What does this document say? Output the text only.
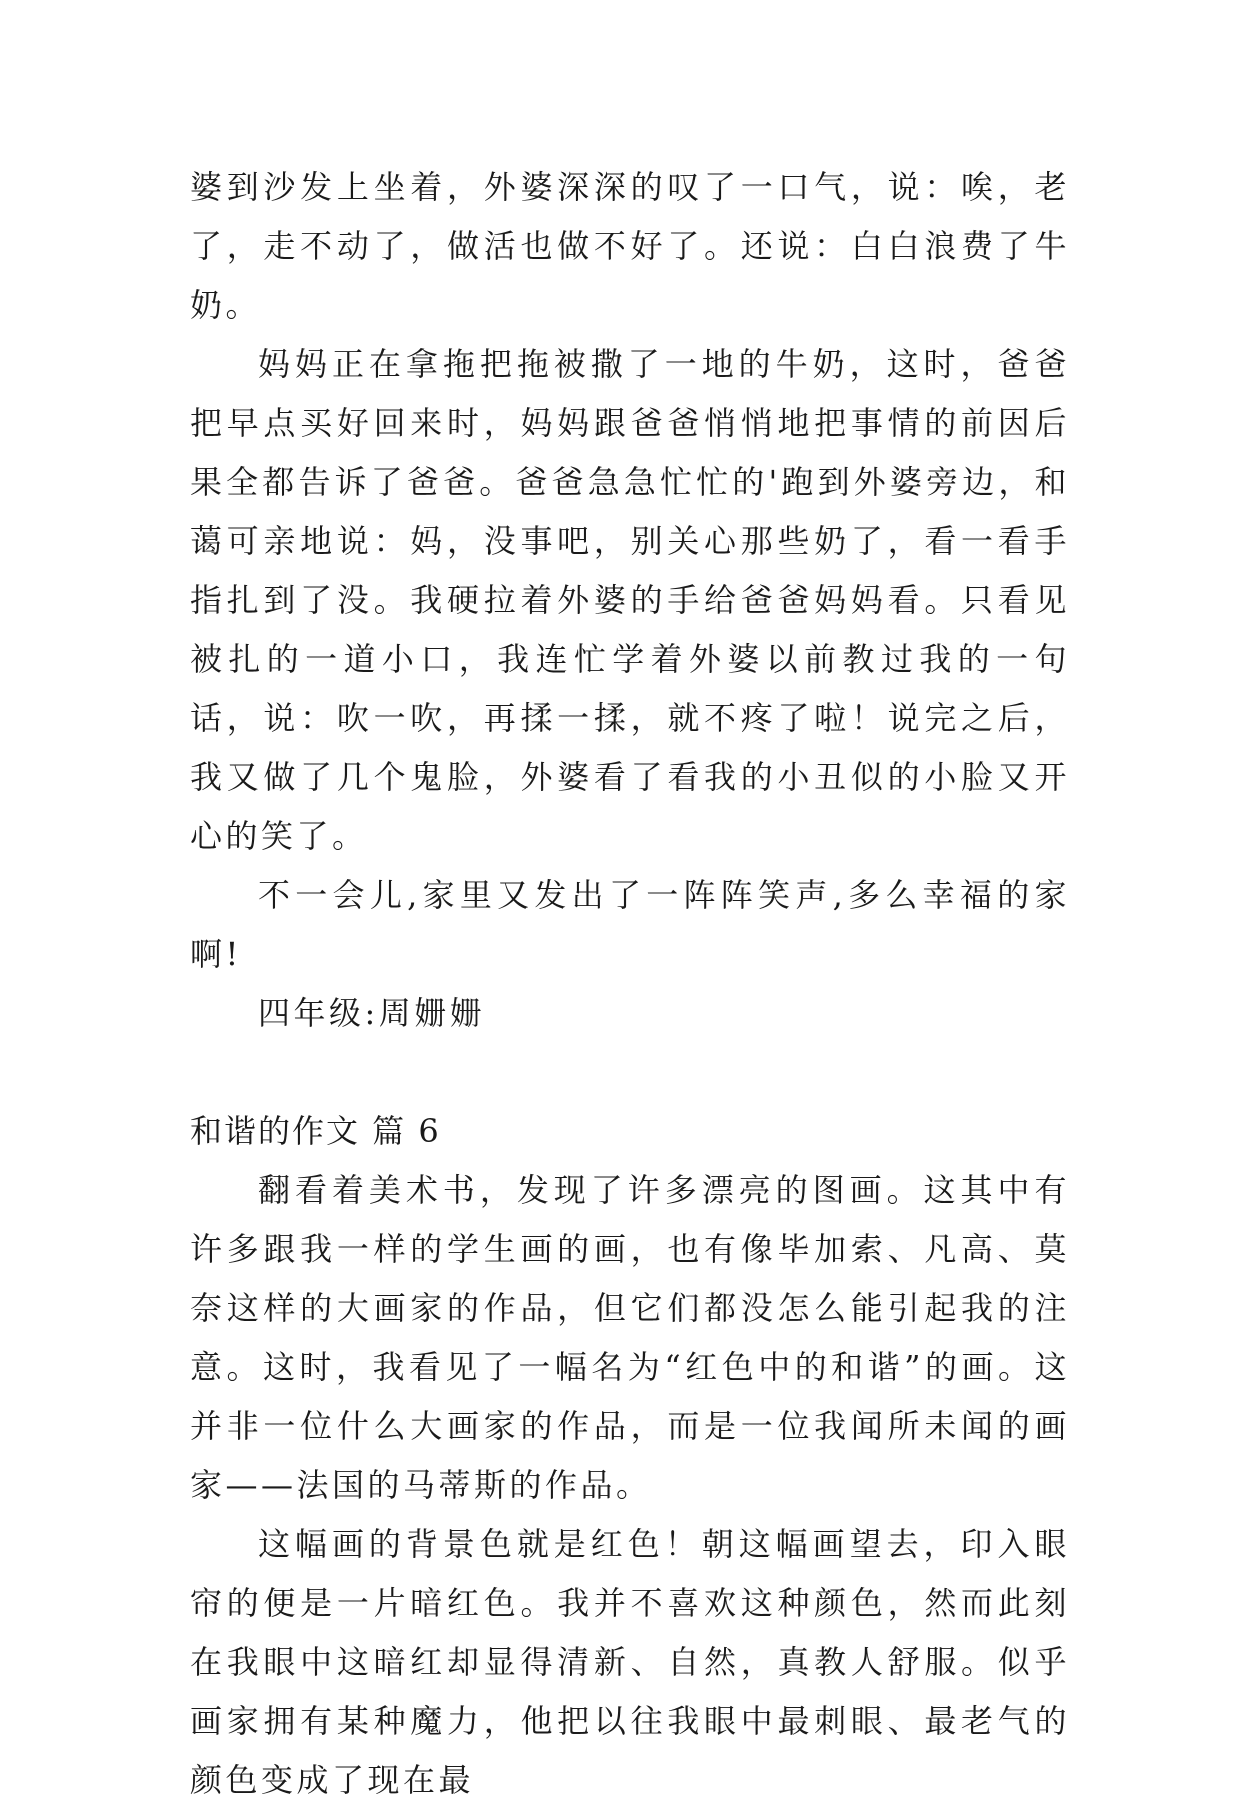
婆到沙发上坐着，外婆深深的叹了一口气，说：唉，老了，走不动了，做活也做不好了。还说：白白浪费了牛奶。

妈妈正在拿拖把拖被撒了一地的牛奶，这时，爸爸把早点买好回来时，妈妈跟爸爸悄悄地把事情的前因后果全都告诉了爸爸。爸爸急急忙忙的'跑到外婆旁边，和蔼可亲地说：妈，没事吧，别关心那些奶了，看一看手指扎到了没。我硬拉着外婆的手给爸爸妈妈看。只看见被扎的一道小口，我连忙学着外婆以前教过我的一句话，说：吹一吹，再揉一揉，就不疼了啦！说完之后，我又做了几个鬼脸，外婆看了看我的小丑似的小脸又开心的笑了。

不一会儿,家里又发出了一阵阵笑声,多么幸福的家啊!

四年级:周姗姗

和谐的作文 篇 6

翻看着美术书，发现了许多漂亮的图画。这其中有许多跟我一样的学生画的画，也有像毕加索、凡高、莫奈这样的大画家的作品，但它们都没怎么能引起我的注意。这时，我看见了一幅名为“红色中的和谐”的画。这并非一位什么大画家的作品，而是一位我闻所未闻的画家——法国的马蒂斯的作品。

这幅画的背景色就是红色！朝这幅画望去，印入眼帘的便是一片暗红色。我并不喜欢这种颜色，然而此刻在我眼中这暗红却显得清新、自然，真教人舒服。似乎画家拥有某种魔力，他把以往我眼中最刺眼、最老气的颜色变成了现在最
